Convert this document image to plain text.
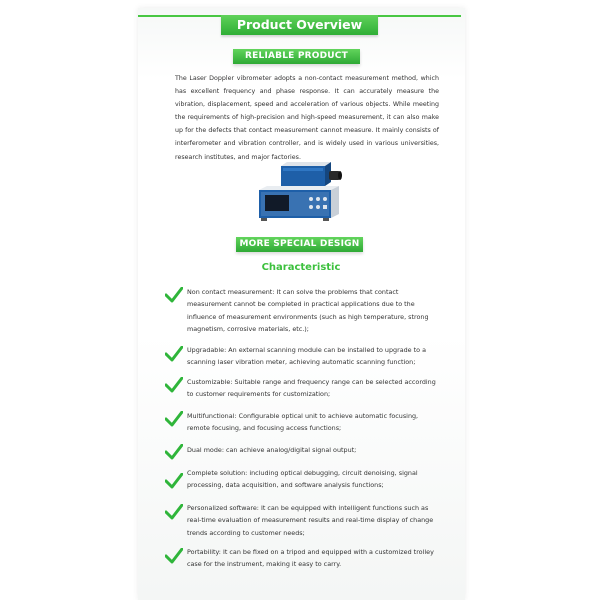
Product Overview
RELIABLE PRODUCT

The Laser Doppler vibrometer adopts a non-contact measurement method, which has excellent frequency and phase response. It can accurately measure the vibration, displacement, speed and acceleration of various objects. While meeting the requirements of high-precision and high-speed measurement, it can also make up for the defects that contact measurement cannot measure. It mainly consists of interferometer and vibration controller, and is widely used in various universities, research institutes, and major factories.

MORE SPECIAL DESIGN
Characteristic

Non contact measurement: It can solve the problems that contact measurement cannot be completed in practical applications due to the influence of measurement environments (such as high temperature, strong magnetism, corrosive materials, etc.);

Upgradable: An external scanning module can be installed to upgrade to a scanning laser vibration meter, achieving automatic scanning function;

Customizable: Suitable range and frequency range can be selected according to customer requirements for customization;

Multifunctional: Configurable optical unit to achieve automatic focusing, remote focusing, and focusing access functions;

Dual mode: can achieve analog/digital signal output;

Complete solution: including optical debugging, circuit denoising, signal processing, data acquisition, and software analysis functions;

Personalized software: It can be equipped with intelligent functions such as real-time evaluation of measurement results and real-time display of change trends according to customer needs;

Portability: It can be fixed on a tripod and equipped with a customized trolley case for the instrument, making it easy to carry.
